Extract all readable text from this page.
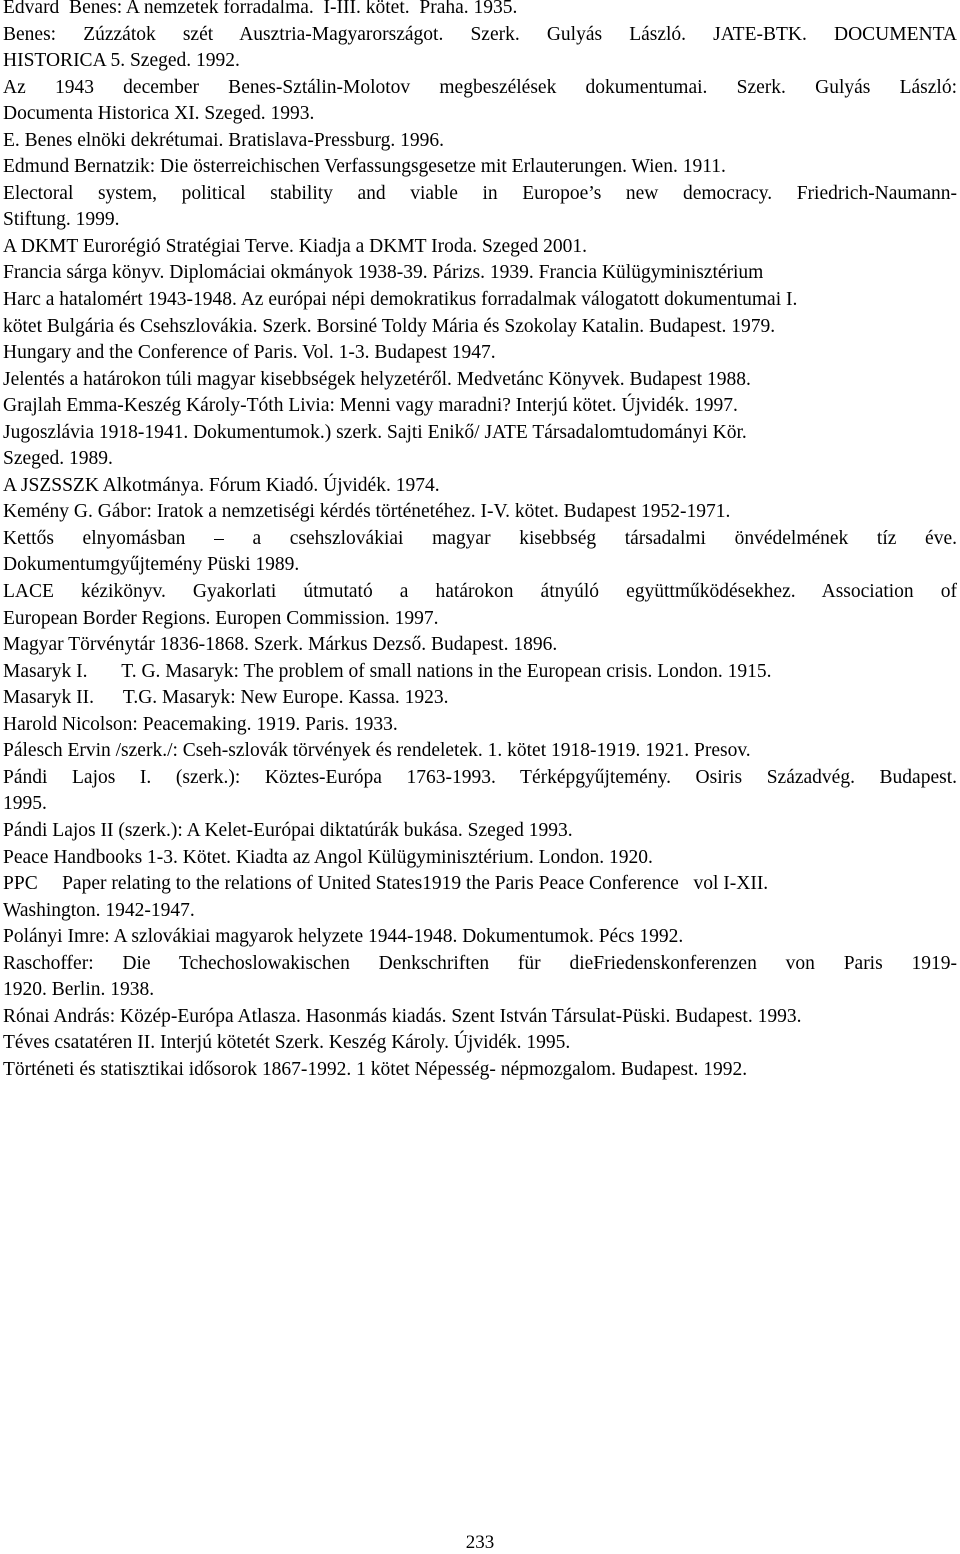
Edvard  Benes: A nemzetek forradalma.  I-III. kötet.  Praha. 1935.
Benes: Zúzzátok szét Ausztria-Magyarországot. Szerk. Gulyás László. JATE-BTK. DOCUMENTA
HISTORICA 5. Szeged. 1992.
Az 1943 december Benes-Sztálin-Molotov megbeszélések dokumentumai. Szerk. Gulyás László:
Documenta Historica XI. Szeged. 1993.
E. Benes elnöki dekrétumai. Bratislava-Pressburg. 1996.
Edmund Bernatzik: Die österreichischen Verfassungsgesetze mit Erlauterungen. Wien. 1911.
Electoral system, political stability and viable in Europoe’s new democracy. Friedrich-Naumann-
Stiftung. 1999.
A DKMT Eurorégió Stratégiai Terve. Kiadja a DKMT Iroda. Szeged 2001.
Francia sárga könyv. Diplomáciai okmányok 1938-39. Párizs. 1939. Francia Külügyminisztérium
Harc a hatalomért 1943-1948. Az európai népi demokratikus forradalmak válogatott dokumentumai I.
kötet Bulgária és Csehszlovákia. Szerk. Borsiné Toldy Mária és Szokolay Katalin. Budapest. 1979.
Hungary and the Conference of Paris. Vol. 1-3. Budapest 1947.
Jelentés a határokon túli magyar kisebbségek helyzetéről. Medvetánc Könyvek. Budapest 1988.
Grajlah Emma-Keszég Károly-Tóth Livia: Menni vagy maradni? Interjú kötet. Újvidék. 1997.
Jugoszlávia 1918-1941. Dokumentumok.) szerk. Sajti Enikő/ JATE Társadalomtudományi Kör.
Szeged. 1989.
A JSZSSZK Alkotmánya. Fórum Kiadó. Újvidék. 1974.
Kemény G. Gábor: Iratok a nemzetiségi kérdés történetéhez. I-V. kötet. Budapest 1952-1971.
Kettős elnyomásban – a csehszlovákiai magyar kisebbség társadalmi önvédelmének tíz éve.
Dokumentumgyűjtemény Püski 1989.
LACE kézikönyv. Gyakorlati útmutató a határokon átnyúló együttműködésekhez. Association of
European Border Regions. Europen Commission. 1997.
Magyar Törvénytár 1836-1868. Szerk. Márkus Dezső. Budapest. 1896.
Masaryk I.       T. G. Masaryk: The problem of small nations in the European crisis. London. 1915.
Masaryk II.      T.G. Masaryk: New Europe. Kassa. 1923.
Harold Nicolson: Peacemaking. 1919. Paris. 1933.
Pálesch Ervin /szerk./: Cseh-szlovák törvények és rendeletek. 1. kötet 1918-1919. 1921. Presov.
Pándi Lajos I. (szerk.): Köztes-Európa 1763-1993. Térképgyűjtemény. Osiris Századvég. Budapest.
1995.
Pándi Lajos II (szerk.): A Kelet-Európai diktatúrák bukása. Szeged 1993.
Peace Handbooks 1-3. Kötet. Kiadta az Angol Külügyminisztérium. London. 1920.
PPC     Paper relating to the relations of United States1919 the Paris Peace Conference   vol I-XII.
Washington. 1942-1947.
Polányi Imre: A szlovákiai magyarok helyzete 1944-1948. Dokumentumok. Pécs 1992.
Raschoffer: Die Tchechoslowakischen Denkschriften für dieFriedenskonferenzen von Paris 1919-
1920. Berlin. 1938.
Rónai András: Közép-Európa Atlasza. Hasonmás kiadás. Szent István Társulat-Püski. Budapest. 1993.
Téves csatatéren II. Interjú kötetét Szerk. Keszég Károly. Újvidék. 1995.
Történeti és statisztikai idősorok 1867-1992. 1 kötet Népesség- népmozgalom. Budapest. 1992.
233
